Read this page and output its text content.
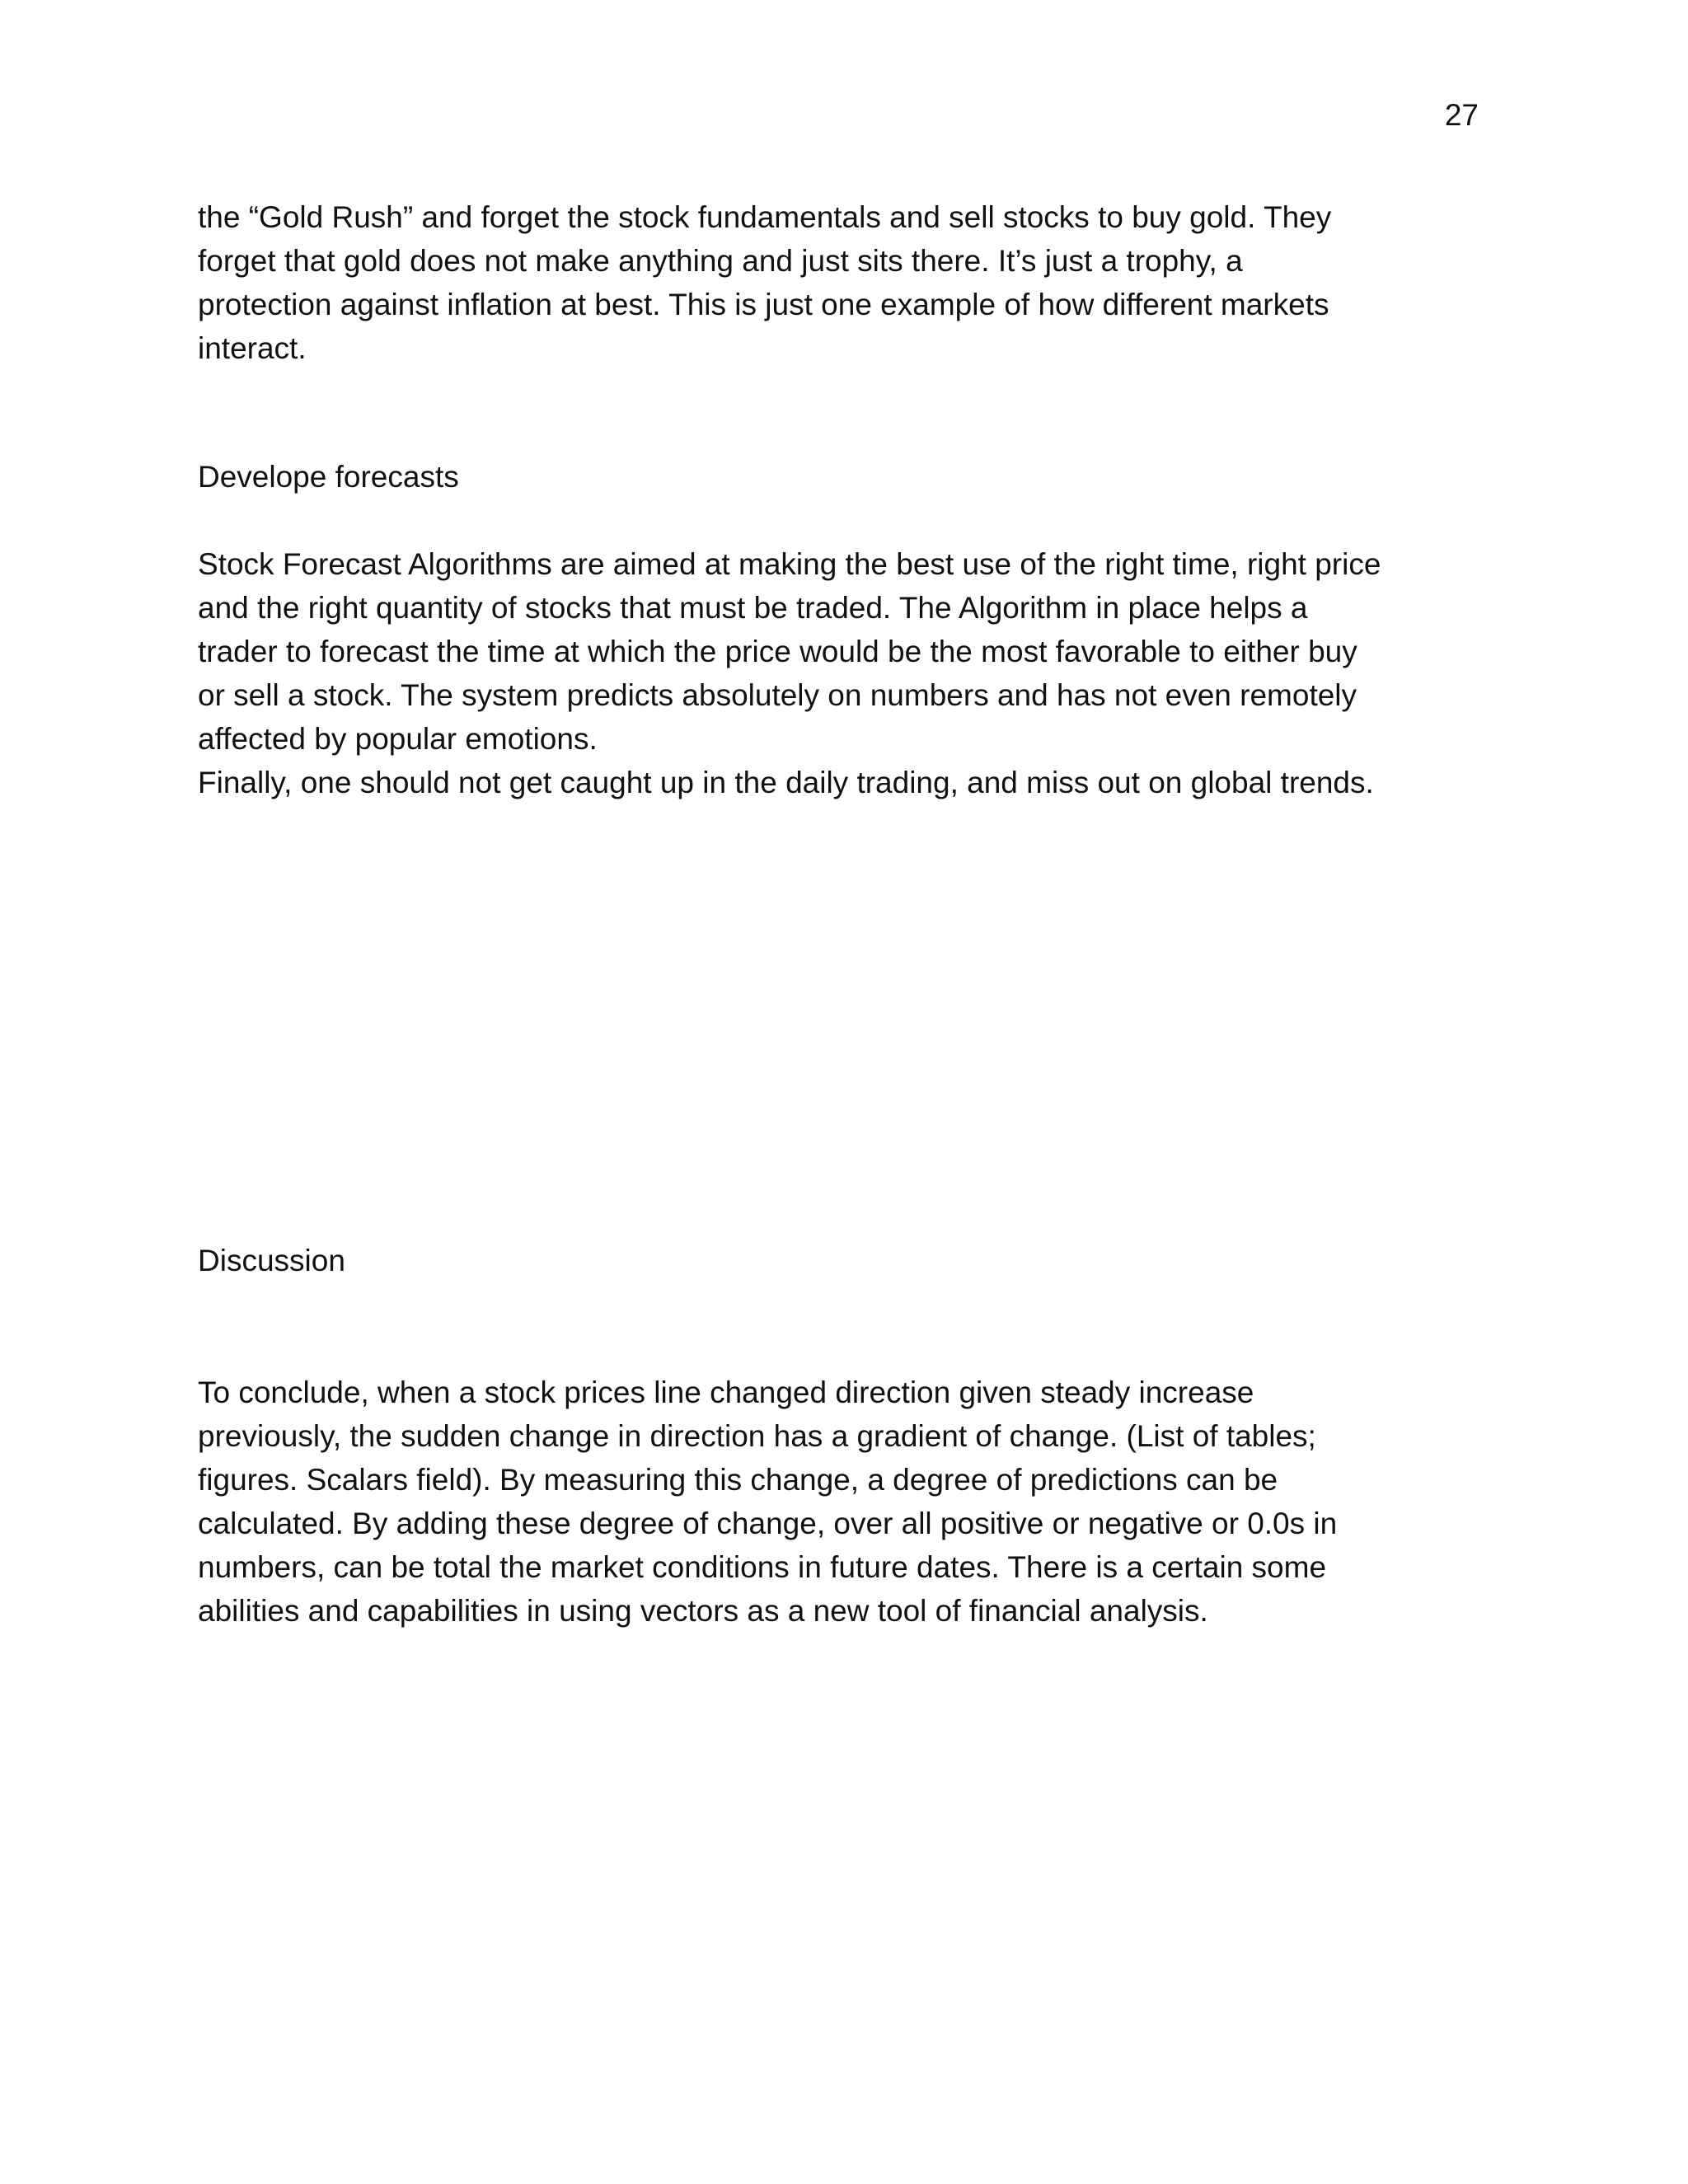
27

the “Gold Rush” and forget the stock fundamentals and sell stocks to buy gold. They
forget that gold does not make anything and just sits there. It’s just a trophy, a
protection against inflation at best. This is just one example of how different markets
interact.

Develope forecasts

Stock Forecast Algorithms are aimed at making the best use of the right time, right price
and the right quantity of stocks that must be traded. The Algorithm in place helps a
trader to forecast the time at which the price would be the most favorable to either buy
or sell a stock. The system predicts absolutely on numbers and has not even remotely
affected by popular emotions.
Finally, one should not get caught up in the daily trading, and miss out on global trends.

Discussion

To conclude, when a stock prices line changed direction given steady increase
previously, the sudden change in direction has a gradient of change. (List of tables;
figures. Scalars field). By measuring this change, a degree of predictions can be
calculated. By adding these degree of change, over all positive or negative or 0.0s in
numbers, can be total the market conditions in future dates. There is a certain some
abilities and capabilities in using vectors as a new tool of financial analysis.
